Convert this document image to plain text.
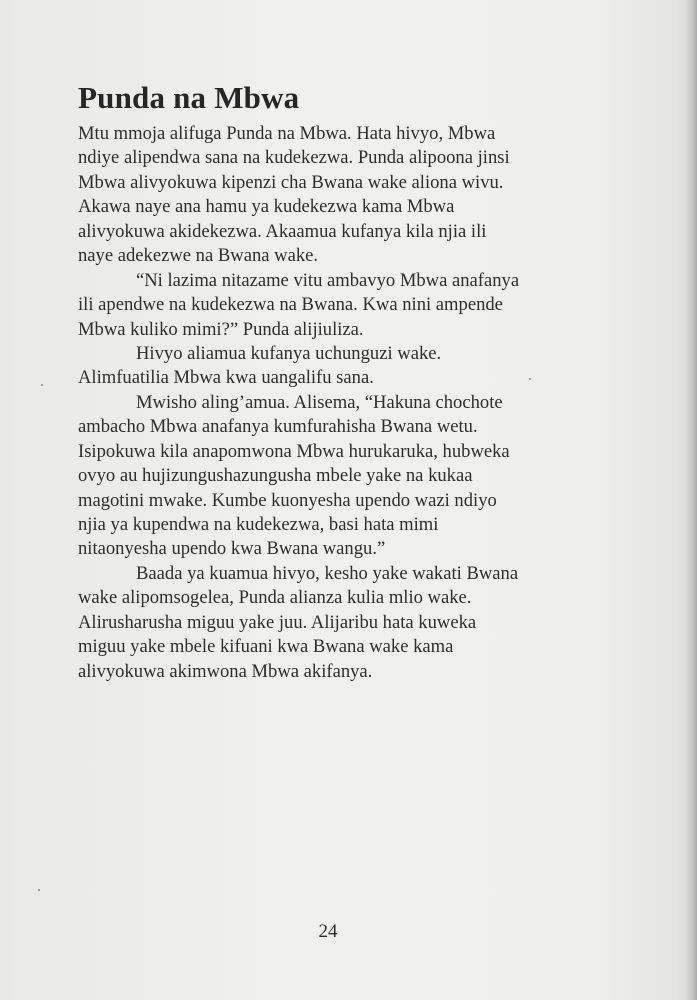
Punda na Mbwa
Mtu mmoja alifuga Punda na Mbwa. Hata hivyo, Mbwa
ndiye alipendwa sana na kudekezwa. Punda alipoona jinsi
Mbwa alivyokuwa kipenzi cha Bwana wake aliona wivu.
Akawa naye ana hamu ya kudekezwa kama Mbwa
alivyokuwa akidekezwa. Akaamua kufanya kila njia ili
naye adekezwe na Bwana wake.
“Ni lazima nitazame vitu ambavyo Mbwa anafanya
ili apendwe na kudekezwa na Bwana. Kwa nini ampende
Mbwa kuliko mimi?” Punda alijiuliza.
Hivyo aliamua kufanya uchunguzi wake.
Alimfuatilia Mbwa kwa uangalifu sana.
Mwisho aling’amua. Alisema, “Hakuna chochote
ambacho Mbwa anafanya kumfurahisha Bwana wetu.
Isipokuwa kila anapomwona Mbwa hurukaruka, hubweka
ovyo au hujizungushazungusha mbele yake na kukaa
magotini mwake. Kumbe kuonyesha upendo wazi ndiyo
njia ya kupendwa na kudekezwa, basi hata mimi
nitaonyesha upendo kwa Bwana wangu.”
Baada ya kuamua hivyo, kesho yake wakati Bwana
wake alipomsogelea, Punda alianza kulia mlio wake.
Alirusharusha miguu yake juu. Alijaribu hata kuweka
miguu yake mbele kifuani kwa Bwana wake kama
alivyokuwa akimwona Mbwa akifanya.
24
